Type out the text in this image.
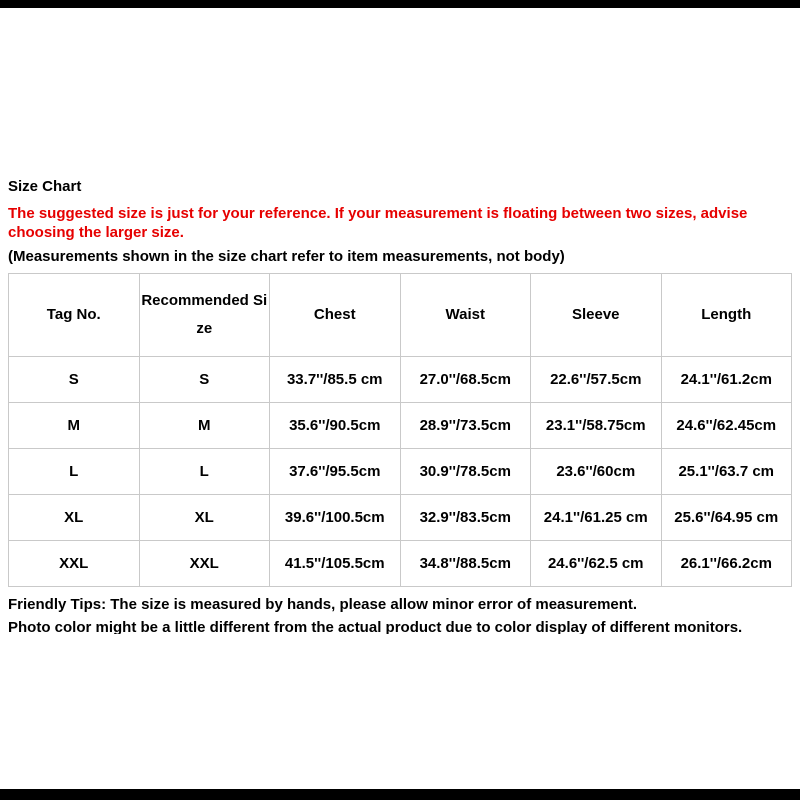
Size Chart

The suggested size is just for your reference. If your measurement is floating between two sizes, advise choosing the larger size.

(Measurements shown in the size chart refer to item measurements, not body)

Tag No.	Recommended Size	Chest	Waist	Sleeve	Length
S	S	33.7''/85.5 cm	27.0''/68.5cm	22.6''/57.5cm	24.1''/61.2cm
M	M	35.6''/90.5cm	28.9''/73.5cm	23.1''/58.75cm	24.6''/62.45cm
L	L	37.6''/95.5cm	30.9''/78.5cm	23.6''/60cm	25.1''/63.7 cm
XL	XL	39.6''/100.5cm	32.9''/83.5cm	24.1''/61.25 cm	25.6''/64.95 cm
XXL	XXL	41.5''/105.5cm	34.8''/88.5cm	24.6''/62.5 cm	26.1''/66.2cm

Friendly Tips: The size is measured by hands, please allow minor error of measurement.

Photo color might be a little different from the actual product due to color display of different monitors.
